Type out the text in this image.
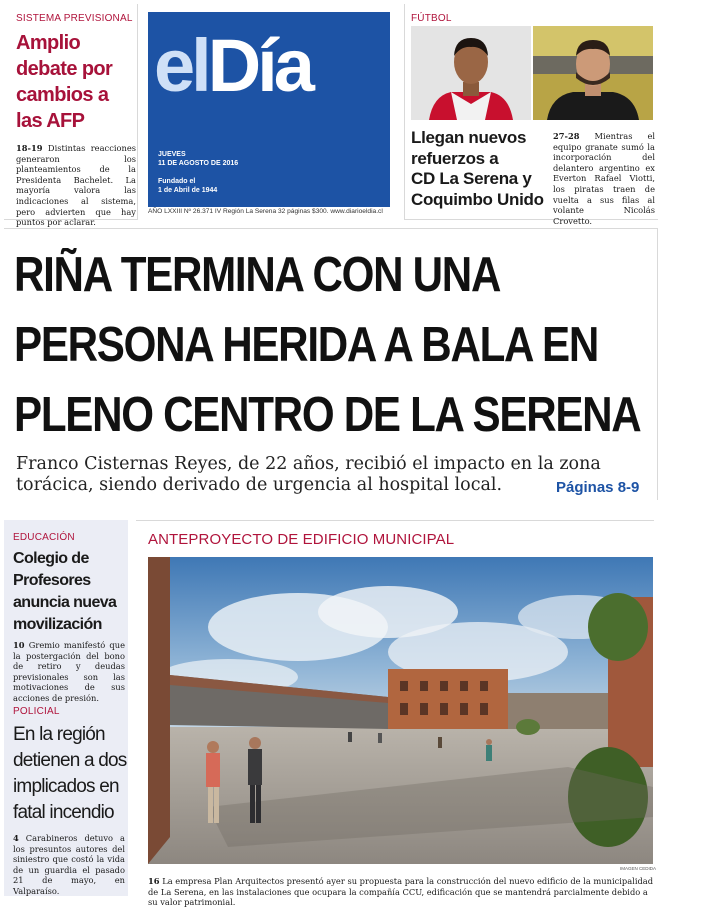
SISTEMA PREVISIONAL
Amplio
debate por
cambios a
las AFP
18-19 Distintas reacciones generaron los planteamientos de la Presidenta Bachelet. La mayoría valora las indicaciones al sistema, pero advierten que hay puntos por aclarar.
elDía
JUEVES
11 DE AGOSTO DE 2016
Fundado el
1 de Abril de 1944
AÑO LXXIII Nº 26.371 IV Región La Serena 32 páginas $300. www.diarioeldia.cl
FÚTBOL
Llegan nuevos
refuerzos a
CD La Serena y
Coquimbo Unido
27-28 Mientras el equipo granate sumó la incorporación del delantero argentino ex Everton Rafael Viotti, los piratas traen de vuelta a sus filas al volante Nicolás Crovetto.
RIÑA TERMINA CON UNA
PERSONA HERIDA A BALA EN
PLENO CENTRO DE LA SERENA
Franco Cisternas Reyes, de 22 años, recibió el impacto en la zona torácica, siendo derivado de urgencia al hospital local.	Páginas 8-9
EDUCACIÓN
Colegio de
Profesores
anuncia nueva
movilización
10 Gremio manifestó que la postergación del bono de retiro y deudas previsionales son las motivaciones de sus acciones de presión.
POLICIAL
En la región
detienen a dos
implicados en
fatal incendio
4 Carabineros detuvo a los presuntos autores del siniestro que costó la vida de un guardia el pasado 21 de mayo, en Valparaíso.
ANTEPROYECTO DE EDIFICIO MUNICIPAL
IMAGEN CEDIDA
16 La empresa Plan Arquitectos presentó ayer su propuesta para la construcción del nuevo edificio de la municipalidad de La Serena, en las instalaciones que ocupara la compañía CCU, edificación que se mantendrá parcialmente debido a su valor patrimonial.
